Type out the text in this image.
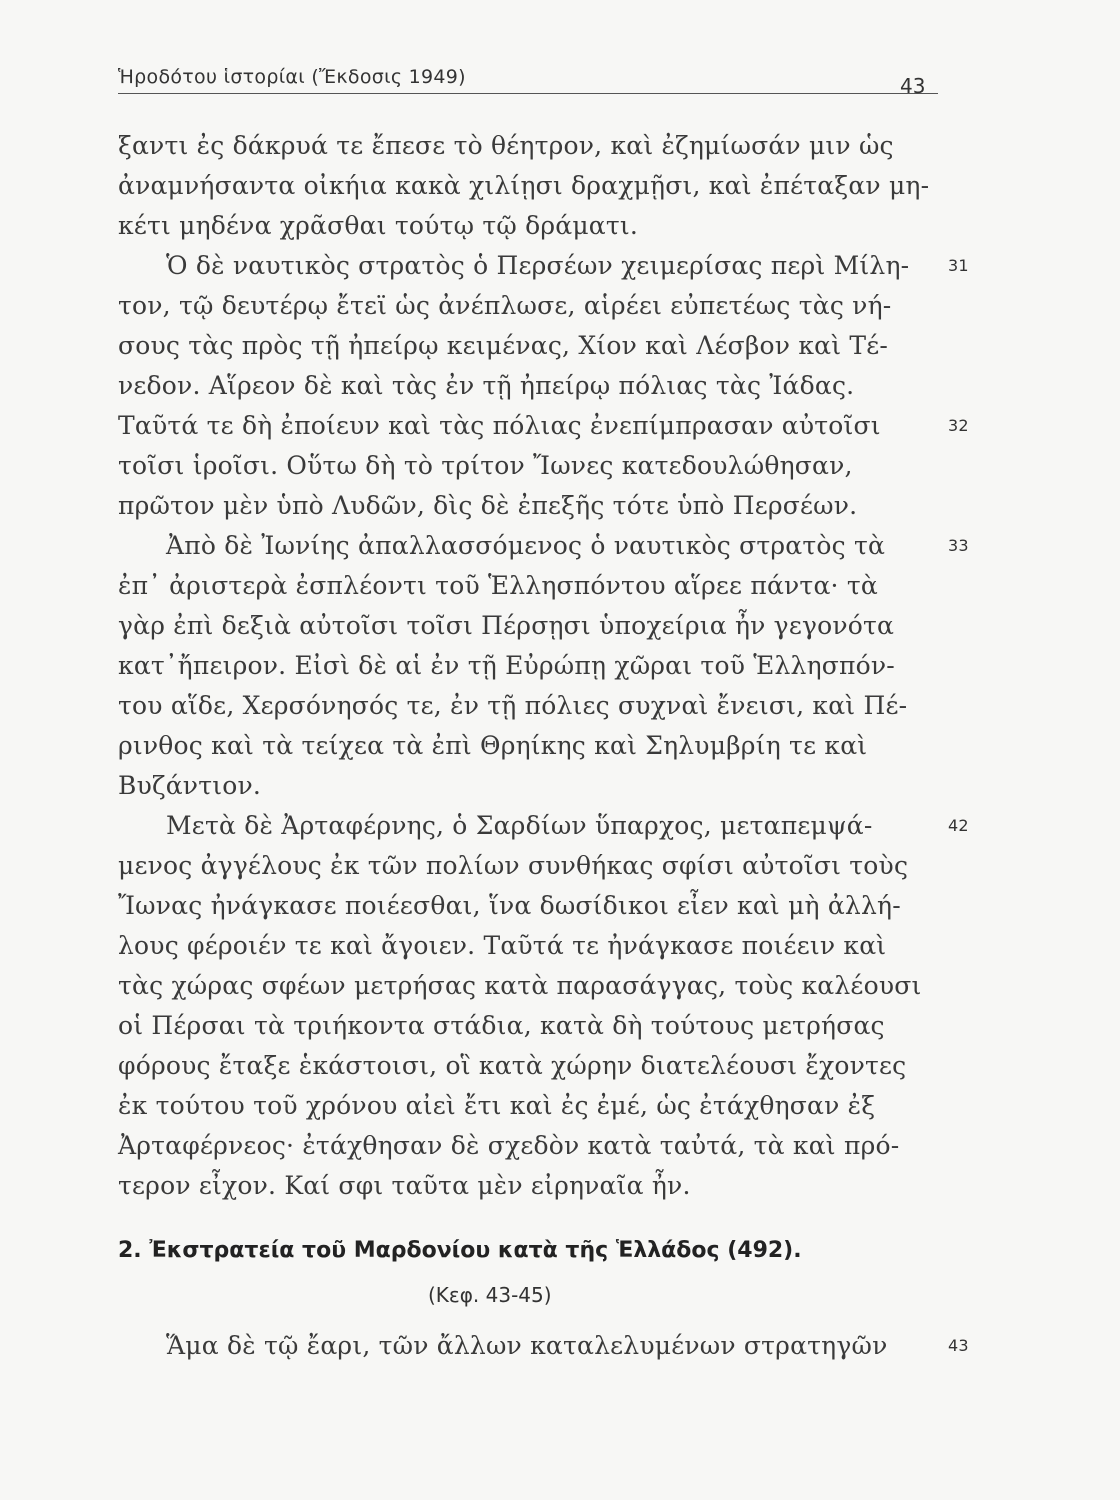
Ἡροδότου ἱστορίαι (Ἔκδοσις 1949)	43
ξαντι ἐς δάκρυά τε ἔπεσε τὸ θέητρον, καὶ ἐζημίωσάν μιν ὡς
ἀναμνήσαντα οἰκήια κακὰ χιλίῃσι δραχμῇσι, καὶ ἐπέταξαν μη-
κέτι μηδένα χρᾶσθαι τούτῳ τῷ δράματι.
Ὁ δὲ ναυτικὸς στρατὸς ὁ Περσέων χειμερίσας περὶ Μίλη- 31
τον, τῷ δευτέρῳ ἔτεϊ ὡς ἀνέπλωσε, αἱρέει εὐπετέως τὰς νή-
σους τὰς πρὸς τῇ ἠπείρῳ κειμένας, Χίον καὶ Λέσβον καὶ Τέ-
νεδον. Αἵρεον δὲ καὶ τὰς ἐν τῇ ἠπείρῳ πόλιας τὰς Ἰάδας.
Ταῦτά τε δὴ ἐποίευν καὶ τὰς πόλιας ἐνεπίμπρασαν αὐτοῖσι	32
τοῖσι ἱροῖσι. Οὕτω δὴ τὸ τρίτον Ἴωνες κατεδουλώθησαν,
πρῶτον μὲν ὑπὸ Λυδῶν, δὶς δὲ ἐπεξῆς τότε ὑπὸ Περσέων.
Ἀπὸ δὲ Ἰωνίης ἀπαλλασσόμενος ὁ ναυτικὸς στρατὸς τὰ	33
ἐπ᾿ ἀριστερὰ ἐσπλέοντι τοῦ Ἑλλησπόντου αἵρεε πάντα· τὰ
γὰρ ἐπὶ δεξιὰ αὐτοῖσι τοῖσι Πέρσῃσι ὑποχείρια ἦν γεγονότα
κατ᾿ἤπειρον. Εἰσὶ δὲ αἱ ἐν τῇ Εὐρώπῃ χῶραι τοῦ Ἑλλησπόν-
του αἵδε, Χερσόνησός τε, ἐν τῇ πόλιες συχναὶ ἔνεισι, καὶ Πέ-
ρινθος καὶ τὰ τείχεα τὰ ἐπὶ Θρηίκης καὶ Σηλυμβρίη τε καὶ
Βυζάντιον.
Μετὰ δὲ Ἀρταφέρνης, ὁ Σαρδίων ὕπαρχος, μεταπεμψά-	42
μενος ἀγγέλους ἐκ τῶν πολίων συνθήκας σφίσι αὐτοῖσι τοὺς
Ἴωνας ἠνάγκασε ποιέεσθαι, ἵνα δωσίδικοι εἶεν καὶ μὴ ἀλλή-
λους φέροιέν τε καὶ ἄγοιεν. Ταῦτά τε ἠνάγκασε ποιέειν καὶ
τὰς χώρας σφέων μετρήσας κατὰ παρασάγγας, τοὺς καλέουσι
οἱ Πέρσαι τὰ τριήκοντα στάδια, κατὰ δὴ τούτους μετρήσας
φόρους ἔταξε ἑκάστοισι, οἳ κατὰ χώρην διατελέουσι ἔχοντες
ἐκ τούτου τοῦ χρόνου αἰεὶ ἔτι καὶ ἐς ἐμέ, ὡς ἐτάχθησαν ἐξ
Ἀρταφέρνεος· ἐτάχθησαν δὲ σχεδὸν κατὰ ταὐτά, τὰ καὶ πρό-
τερον εἶχον. Καί σφι ταῦτα μὲν εἰρηναῖα ἦν.
2. Ἐκστρατεία τοῦ Μαρδονίου κατὰ τῆς Ἑλλάδος (492).
(Κεφ. 43-45)
Ἅμα δὲ τῷ ἔαρι, τῶν ἄλλων καταλελυμένων στρατηγῶν	43
